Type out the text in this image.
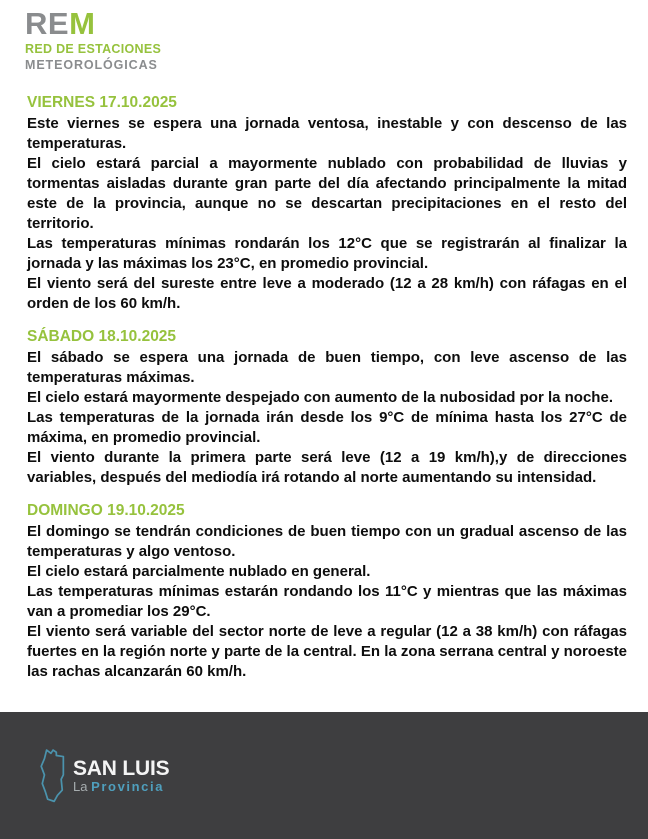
REM
RED DE ESTACIONES
METEOROLÓGICAS
VIERNES 17.10.2025

Este viernes se espera una jornada ventosa, inestable y con descenso de las temperaturas.

El cielo estará parcial a mayormente nublado con probabilidad de lluvias y tormentas aisladas durante gran parte del día afectando principalmente la mitad este de la provincia, aunque no se descartan precipitaciones en el resto del territorio.

Las temperaturas mínimas rondarán los 12°C que se registrarán al finalizar la jornada y las máximas los 23°C, en promedio provincial.

El viento será del sureste entre leve a moderado (12 a 28 km/h) con ráfagas en el orden de los 60 km/h.

SÁBADO 18.10.2025

El sábado se espera una jornada de buen tiempo, con leve ascenso de las temperaturas máximas.

El cielo estará mayormente despejado con aumento de la nubosidad por la noche.

Las temperaturas de la jornada irán desde los 9°C de mínima hasta los 27°C de máxima, en promedio provincial.

El viento durante la primera parte será leve (12 a 19 km/h),y de direcciones variables, después del mediodía irá rotando al norte aumentando su intensidad.

DOMINGO 19.10.2025

El domingo se tendrán condiciones de buen tiempo con un gradual ascenso de las temperaturas y algo ventoso.

El cielo estará parcialmente nublado en general.

Las temperaturas mínimas estarán rondando los 11°C y mientras que las máximas van a promediar los 29°C.

El viento será variable del sector norte de leve a regular (12 a 38 km/h) con ráfagas fuertes en la región norte y parte de la central. En la zona serrana central y noroeste las rachas alcanzarán 60 km/h.

SAN LUIS
La Provincia
